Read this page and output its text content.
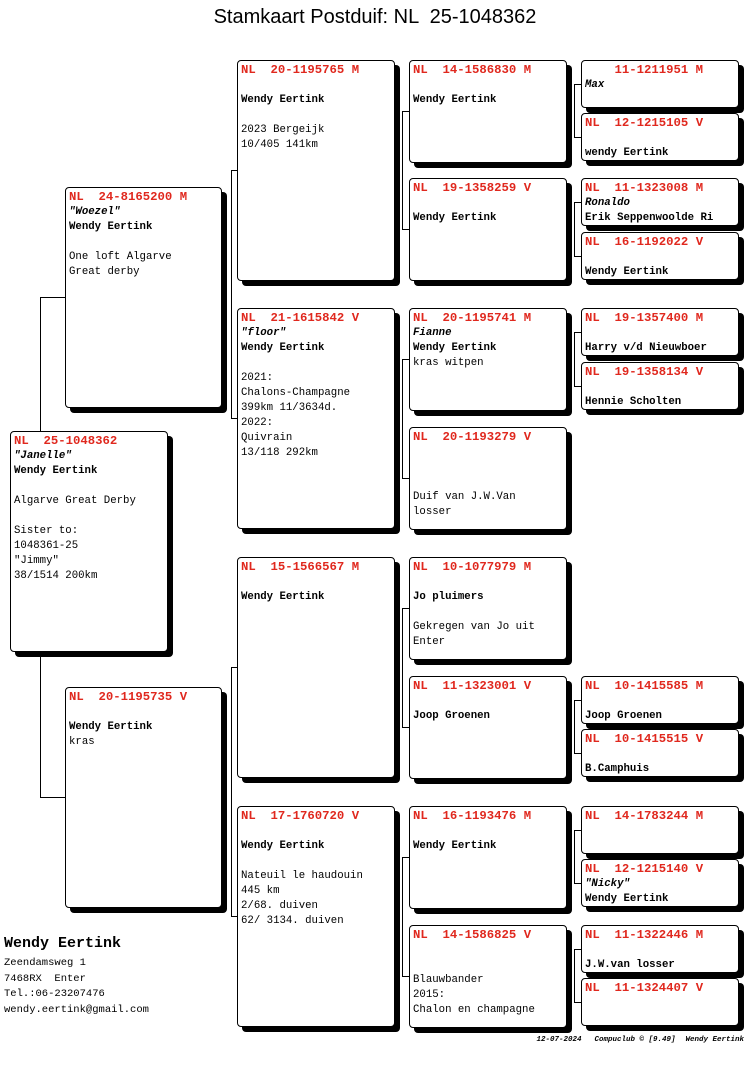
Stamkaart Postduif: NL  25-1048362
NL  25-1048362
"Janelle"
Wendy Eertink
Algarve Great Derby
Sister to:
1048361-25
"Jimmy"
38/1514 200km
NL  24-8165200 M
"Woezel"
Wendy Eertink
One loft Algarve
Great derby
NL  20-1195735 V
Wendy Eertink
kras
NL  20-1195765 M
Wendy Eertink
2023 Bergeijk
10/405 141km
NL  21-1615842 V
"floor"
Wendy Eertink
2021:
Chalons-Champagne
399km 11/3634d.
2022:
Quivrain
13/118 292km
NL  15-1566567 M
Wendy Eertink
NL  17-1760720 V
Wendy Eertink
Nateuil le haudouin
445 km
2/68. duiven
62/ 3134. duiven
NL  14-1586830 M
Wendy Eertink
NL  19-1358259 V
Wendy Eertink
NL  20-1195741 M
Fianne
Wendy Eertink
kras witpen
NL  20-1193279 V
Duif van J.W.Van
losser
NL  10-1077979 M
Jo pluimers
Gekregen van Jo uit
Enter
NL  11-1323001 V
Joop Groenen
NL  16-1193476 M
Wendy Eertink
NL  14-1586825 V
Blauwbander
2015:
Chalon en champagne
11-1211951 M
Max
NL  12-1215105 V
wendy Eertink
NL  11-1323008 M
Ronaldo
Erik Seppenwoolde Ri
NL  16-1192022 V
Wendy Eertink
NL  19-1357400 M
Harry v/d Nieuwboer
NL  19-1358134 V
Hennie Scholten
NL  10-1415585 M
Joop Groenen
NL  10-1415515 V
B.Camphuis
NL  14-1783244 M
NL  12-1215140 V
"Nicky"
Wendy Eertink
NL  11-1322446 M
J.W.van losser
NL  11-1324407 V
Wendy Eertink
Zeendamsweg 1
7468RX  Enter
Tel.:06-23207476
wendy.eertink@gmail.com
12-07-2024 Compuclub © [9.49] Wendy Eertink
